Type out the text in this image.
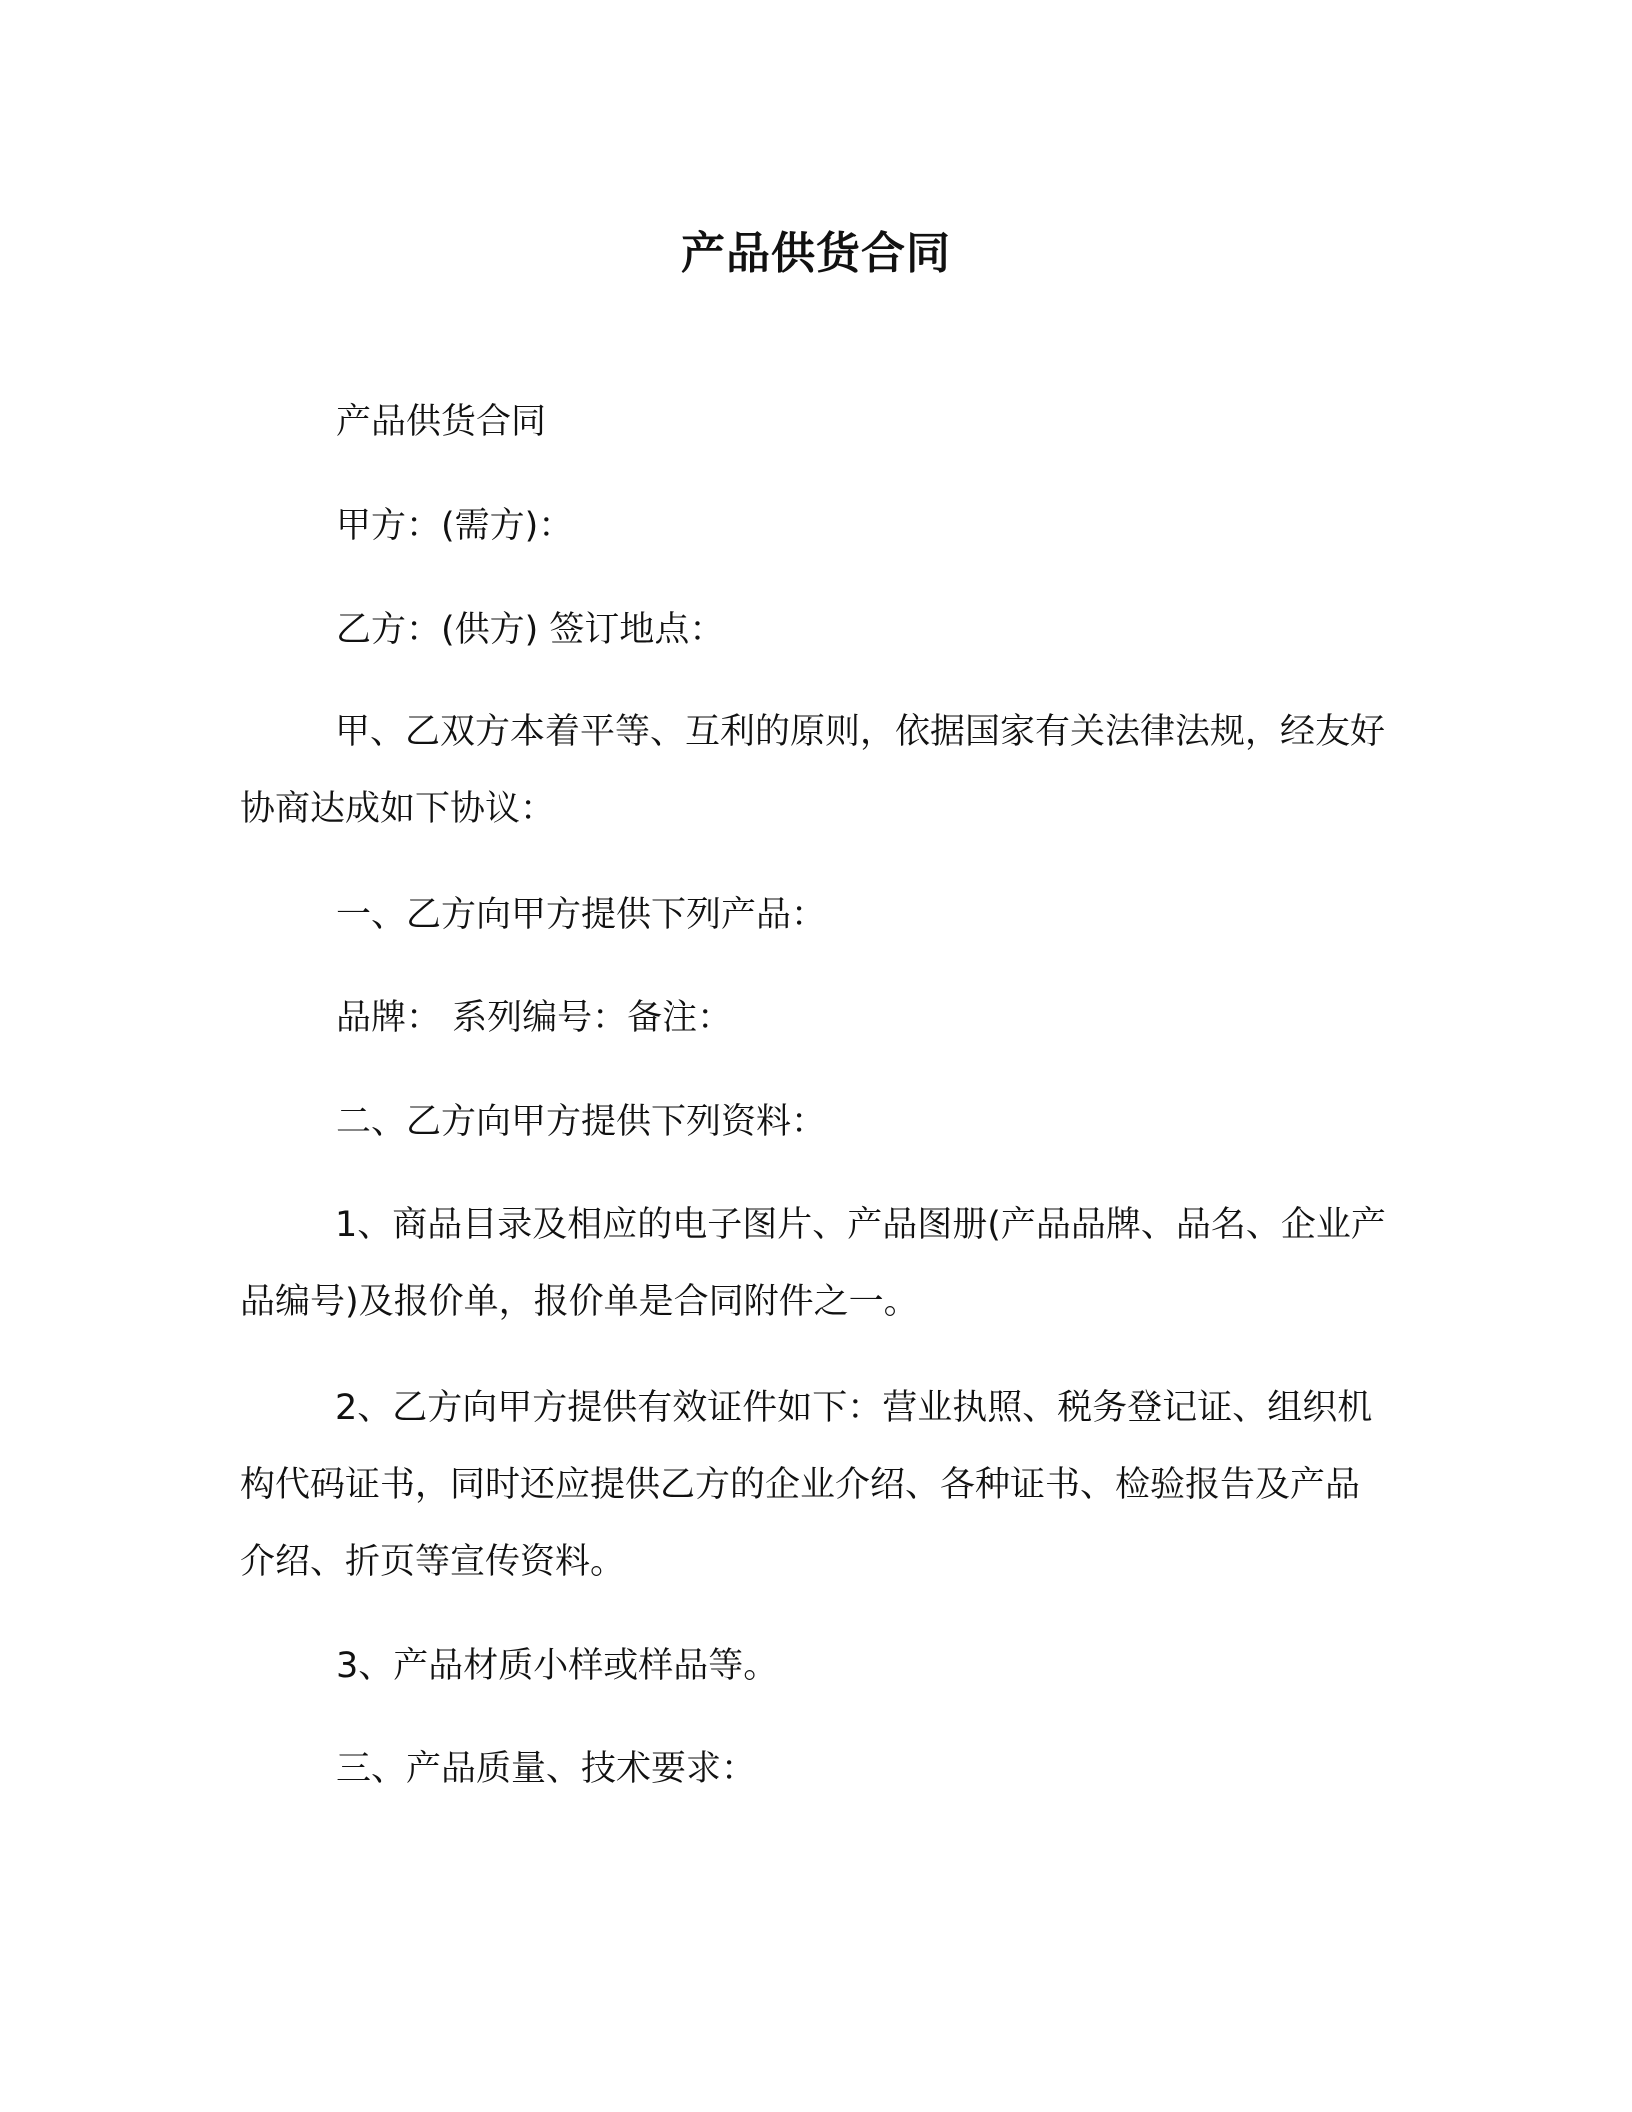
产品供货合同

产品供货合同

甲方：(需方)：

乙方：(供方) 签订地点：

甲、乙双方本着平等、互利的原则，依据国家有关法律法规，经友好协商达成如下协议：

一、乙方向甲方提供下列产品：

品牌： 系列编号：备注：

二、乙方向甲方提供下列资料：

1、商品目录及相应的电子图片、产品图册(产品品牌、品名、企业产品编号)及报价单，报价单是合同附件之一。

2、乙方向甲方提供有效证件如下：营业执照、税务登记证、组织机构代码证书，同时还应提供乙方的企业介绍、各种证书、检验报告及产品介绍、折页等宣传资料。

3、产品材质小样或样品等。

三、产品质量、技术要求：
